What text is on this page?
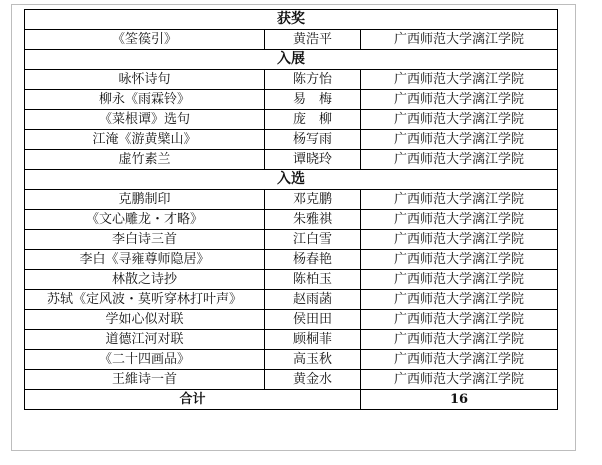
获奖		
《筌篌引》	黄浩平	广西师范大学漓江学院
入展		
咏怀诗句	陈方怡	广西师范大学漓江学院
柳永《雨霖铃》	易　梅	广西师范大学漓江学院
《菜根谭》选句	庞　柳	广西师范大学漓江学院
江淹《游黄檗山》	杨写雨	广西师范大学漓江学院
虚竹素兰	谭晓玲	广西师范大学漓江学院
入选		
克鹏制印	邓克鹏	广西师范大学漓江学院
《文心雕龙・才略》	朱雅祺	广西师范大学漓江学院
李白诗三首	江白雪	广西师范大学漓江学院
李白《寻雍尊师隐居》	杨春艳	广西师范大学漓江学院
林散之诗抄	陈柏玉	广西师范大学漓江学院
苏轼《定风波・莫听穿林打叶声》	赵雨菡	广西师范大学漓江学院
学如心似对联	侯田田	广西师范大学漓江学院
道德江河对联	顾桐菲	广西师范大学漓江学院
《二十四画品》	高玉秋	广西师范大学漓江学院
王維诗一首	黄金水	广西师范大学漓江学院
合计		16
